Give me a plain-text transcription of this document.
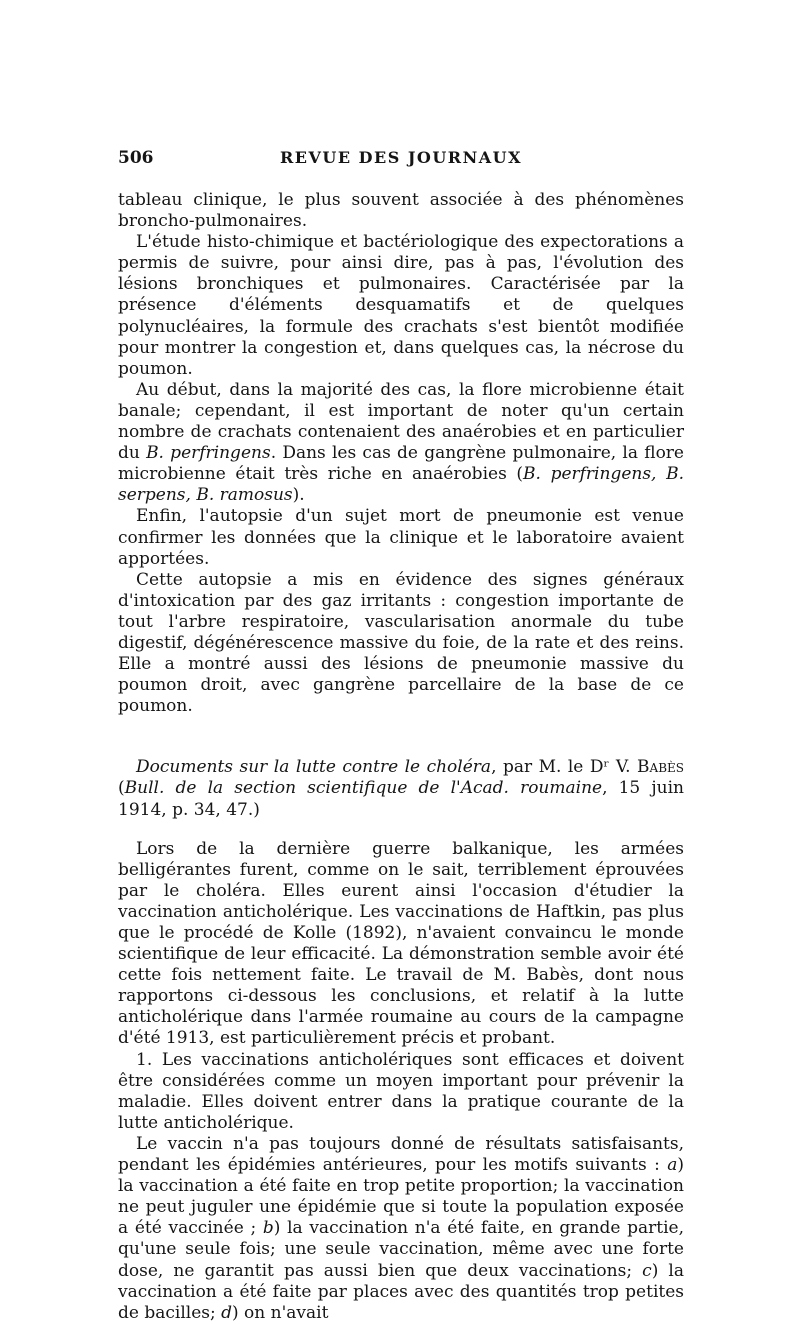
506	REVUE DES JOURNAUX

tableau clinique, le plus souvent associée à des phénomènes broncho-pulmonaires.

L'étude histo-chimique et bactériologique des expectorations a permis de suivre, pour ainsi dire, pas à pas, l'évolution des lésions bronchiques et pulmonaires. Caractérisée par la présence d'éléments desquamatifs et de quelques polynucléaires, la formule des crachats s'est bientôt modifiée pour montrer la congestion et, dans quelques cas, la nécrose du poumon.

Au début, dans la majorité des cas, la flore microbienne était banale; cependant, il est important de noter qu'un certain nombre de crachats contenaient des anaérobies et en particulier du B. perfringens. Dans les cas de gangrène pulmonaire, la flore microbienne était très riche en anaérobies (B. perfringens, B. serpens, B. ramosus).

Enfin, l'autopsie d'un sujet mort de pneumonie est venue confirmer les données que la clinique et le laboratoire avaient apportées.

Cette autopsie a mis en évidence des signes généraux d'intoxication par des gaz irritants : congestion importante de tout l'arbre respiratoire, vascularisation anormale du tube digestif, dégénérescence massive du foie, de la rate et des reins. Elle a montré aussi des lésions de pneumonie massive du poumon droit, avec gangrène parcellaire de la base de ce poumon.

Documents sur la lutte contre le choléra, par M. le Dʳ V. Babès (Bull. de la section scientifique de l'Acad. roumaine, 15 juin 1914, p. 34, 47.)

Lors de la dernière guerre balkanique, les armées belligérantes furent, comme on le sait, terriblement éprouvées par le choléra. Elles eurent ainsi l'occasion d'étudier la vaccination anticholérique. Les vaccinations de Haftkin, pas plus que le procédé de Kolle (1892), n'avaient convaincu le monde scientifique de leur efficacité. La démonstration semble avoir été cette fois nettement faite. Le travail de M. Babès, dont nous rapportons ci-dessous les conclusions, et relatif à la lutte anticholérique dans l'armée roumaine au cours de la campagne d'été 1913, est particulièrement précis et probant.

1. Les vaccinations anticholériques sont efficaces et doivent être considérées comme un moyen important pour prévenir la maladie. Elles doivent entrer dans la pratique courante de la lutte anticholérique.

Le vaccin n'a pas toujours donné de résultats satisfaisants, pendant les épidémies antérieures, pour les motifs suivants : a) la vaccination a été faite en trop petite proportion; la vaccination ne peut juguler une épidémie que si toute la population exposée a été vaccinée ; b) la vaccination n'a été faite, en grande partie, qu'une seule fois; une seule vaccination, même avec une forte dose, ne garantit pas aussi bien que deux vaccinations; c) la vaccination a été faite par places avec des quantités trop petites de bacilles; d) on n'avait
